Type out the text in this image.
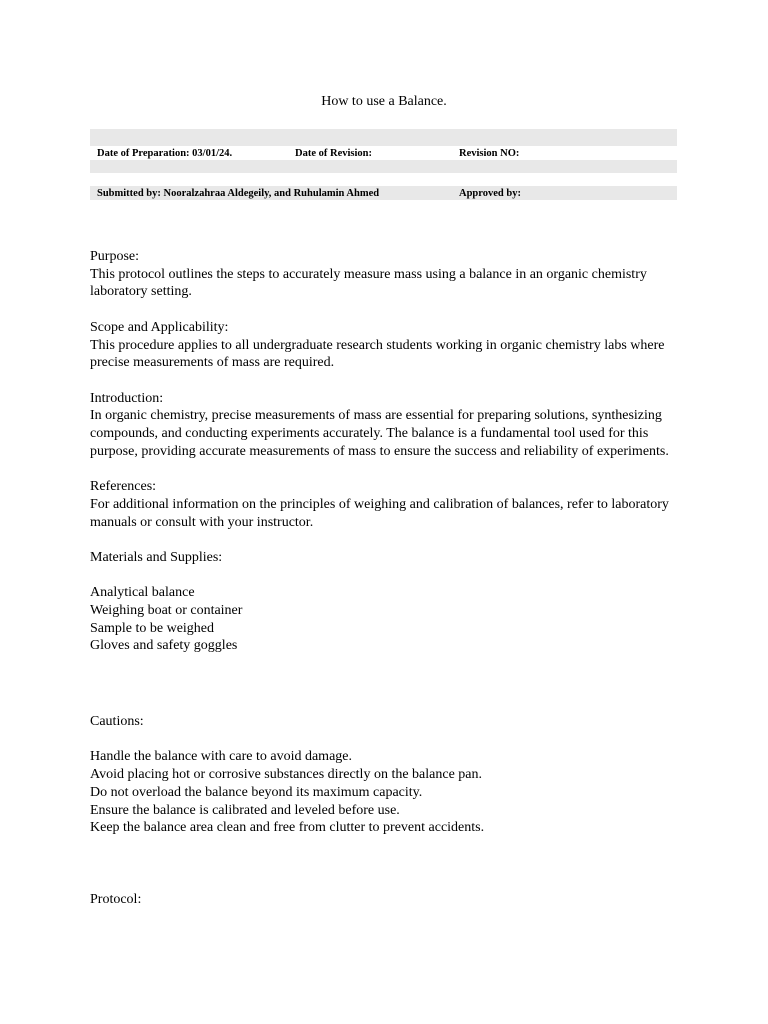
How to use a Balance.
Date of Preparation: 03/01/24.	Date of Revision:	Revision NO:
Submitted by: Nooralzahraa Aldegeily, and Ruhulamin Ahmed	Approved by:

Purpose:

This protocol outlines the steps to accurately measure mass using a balance in an organic chemistry laboratory setting.

Scope and Applicability:

This procedure applies to all undergraduate research students working in organic chemistry labs where precise measurements of mass are required.

Introduction:

In organic chemistry, precise measurements of mass are essential for preparing solutions, synthesizing compounds, and conducting experiments accurately. The balance is a fundamental tool used for this purpose, providing accurate measurements of mass to ensure the success and reliability of experiments.

References:

For additional information on the principles of weighing and calibration of balances, refer to laboratory manuals or consult with your instructor.

Materials and Supplies:

Analytical balance

Weighing boat or container

Sample to be weighed

Gloves and safety goggles

Cautions:

Handle the balance with care to avoid damage.

Avoid placing hot or corrosive substances directly on the balance pan.

Do not overload the balance beyond its maximum capacity.

Ensure the balance is calibrated and leveled before use.

Keep the balance area clean and free from clutter to prevent accidents.

Protocol:
